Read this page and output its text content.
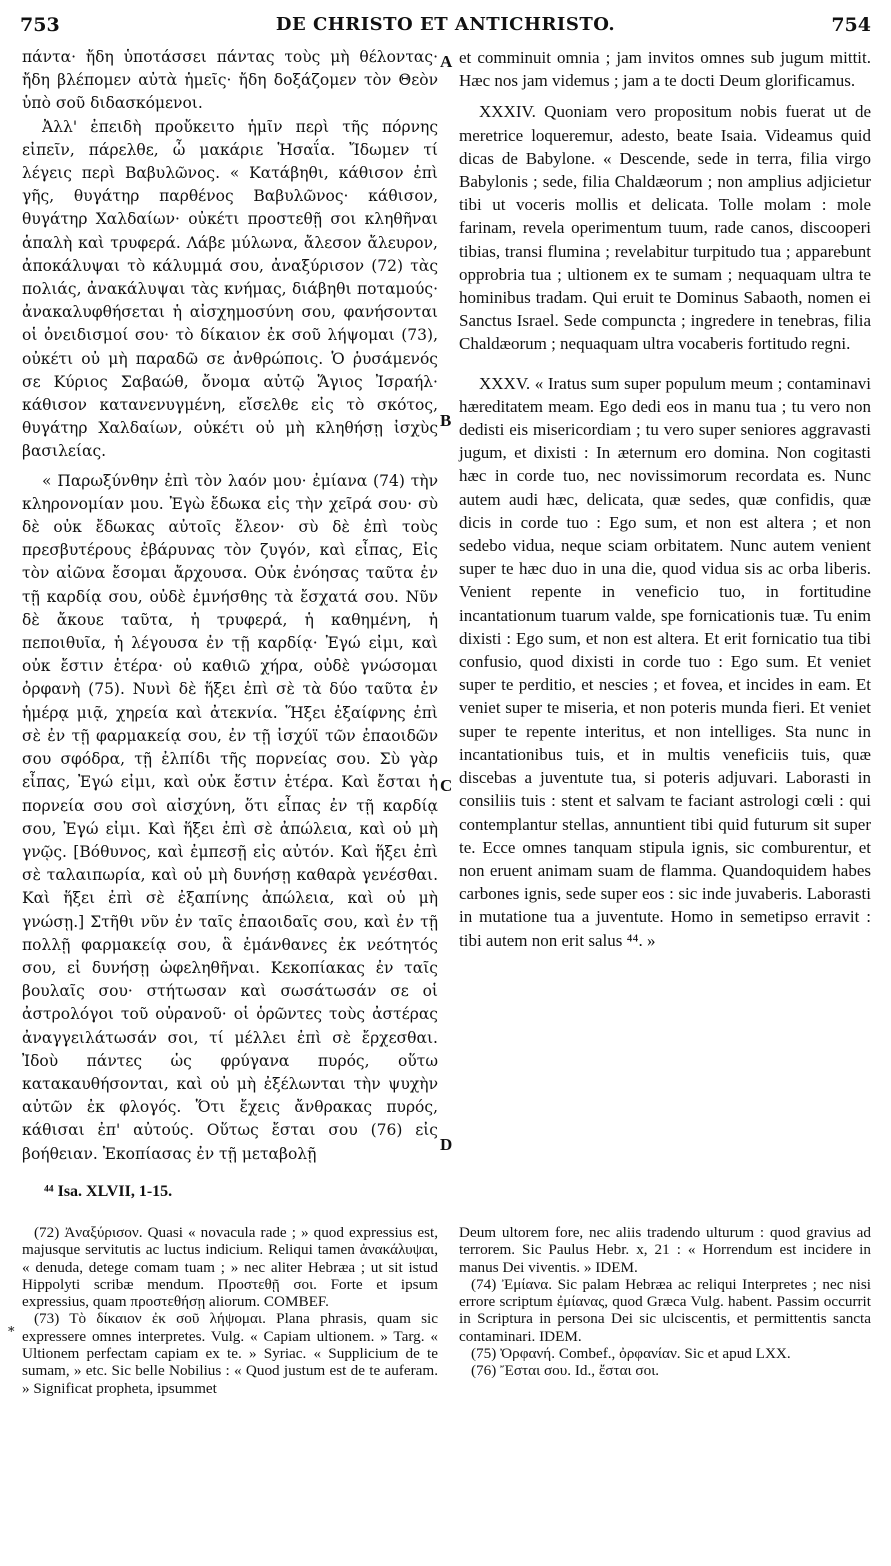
753	DE CHRISTO ET ANTICHRISTO.	754

πάντα· ἤδη ὑποτάσσει πάντας τοὺς μὴ θέλοντας· ἤδη βλέπομεν αὐτὰ ἡμεῖς· ἤδη δοξάζομεν τὸν Θεὸν ὑπὸ σοῦ διδασκόμενοι.

Ἀλλ' ἐπειδὴ προὔκειτο ἡμῖν περὶ τῆς πόρνης εἰπεῖν, πάρελθε, ὦ μακάριε Ἡσαΐα. Ἴδωμεν τί λέγεις περὶ Βαβυλῶνος. « Κατάβηθι, κάθισον ἐπὶ γῆς, θυγάτηρ παρθένος Βαβυλῶνος· κάθισον, θυγάτηρ Χαλδαίων· οὐκέτι προστεθῇ σοι κληθῆναι ἁπαλὴ καὶ τρυφερά. Λάβε μύλωνα, ἄλεσον ἄλευρον, ἀποκάλυψαι τὸ κάλυμμά σου, ἀναξύρισον (72) τὰς πολιάς, ἀνακάλυψαι τὰς κνήμας, διάβηθι ποταμούς· ἀνακαλυφθήσεται ἡ αἰσχημοσύνη σου, φανήσονται οἱ ὀνειδισμοί σου· τὸ δίκαιον ἐκ σοῦ λήψομαι (73), οὐκέτι οὐ μὴ παραδῶ σε ἀνθρώποις. Ὁ ῥυσάμενός σε Κύριος Σαβαώθ, ὄνομα αὐτῷ Ἅγιος Ἰσραήλ· κάθισον κατανενυγμένη, εἴσελθε εἰς τὸ σκότος, θυγάτηρ Χαλδαίων, οὐκέτι οὐ μὴ κληθήσῃ ἰσχὺς βασιλείας.

« Παρωξύνθην ἐπὶ τὸν λαόν μου· ἐμίανα (74) τὴν κληρονομίαν μου. Ἐγὼ ἔδωκα εἰς τὴν χεῖρά σου· σὺ δὲ οὐκ ἔδωκας αὐτοῖς ἔλεον· σὺ δὲ ἐπὶ τοὺς πρεσβυτέρους ἐβάρυνας τὸν ζυγόν, καὶ εἶπας, Εἰς τὸν αἰῶνα ἔσομαι ἄρχουσα. Οὐκ ἐνόησας ταῦτα ἐν τῇ καρδίᾳ σου, οὐδὲ ἐμνήσθης τὰ ἔσχατά σου. Νῦν δὲ ἄκουε ταῦτα, ἡ τρυφερά, ἡ καθημένη, ἡ πεποιθυῖα, ἡ λέγουσα ἐν τῇ καρδίᾳ· Ἐγώ εἰμι, καὶ οὐκ ἔστιν ἑτέρα· οὐ καθιῶ χήρα, οὐδὲ γνώσομαι ὀρφανὴ (75). Νυνὶ δὲ ἥξει ἐπὶ σὲ τὰ δύο ταῦτα ἐν ἡμέρᾳ μιᾷ, χηρεία καὶ ἀτεκνία. Ἥξει ἐξαίφνης ἐπὶ σὲ ἐν τῇ φαρμακείᾳ σου, ἐν τῇ ἰσχύϊ τῶν ἐπαοιδῶν σου σφόδρα, τῇ ἐλπίδι τῆς πορνείας σου. Σὺ γὰρ εἶπας, Ἐγώ εἰμι, καὶ οὐκ ἔστιν ἑτέρα. Καὶ ἔσται ἡ πορνεία σου σοὶ αἰσχύνη, ὅτι εἶπας ἐν τῇ καρδίᾳ σου, Ἐγώ εἰμι. Καὶ ἥξει ἐπὶ σὲ ἀπώλεια, καὶ οὐ μὴ γνῷς. [Βόθυνος, καὶ ἐμπεσῇ εἰς αὐτόν. Καὶ ἥξει ἐπὶ σὲ ταλαιπωρία, καὶ οὐ μὴ δυνήσῃ καθαρὰ γενέσθαι. Καὶ ἥξει ἐπὶ σὲ ἐξαπίνης ἀπώλεια, καὶ οὐ μὴ γνώσῃ.] Στῆθι νῦν ἐν ταῖς ἐπαοιδαῖς σου, καὶ ἐν τῇ πολλῇ φαρμακείᾳ σου, ἃ ἐμάνθανες ἐκ νεότητός σου, εἰ δυνήσῃ ὠφεληθῆναι. Κεκοπίακας ἐν ταῖς βουλαῖς σου· στήτωσαν καὶ σωσάτωσάν σε οἱ ἀστρολόγοι τοῦ οὐρανοῦ· οἱ ὁρῶντες τοὺς ἀστέρας ἀναγγειλάτωσάν σοι, τί μέλλει ἐπὶ σὲ ἔρχεσθαι. Ἰδοὺ πάντες ὡς φρύγανα πυρός, οὕτω κατακαυθήσονται, καὶ οὐ μὴ ἐξέλωνται τὴν ψυχὴν αὐτῶν ἐκ φλογός. Ὅτι ἔχεις ἄνθρακας πυρός, κάθισαι ἐπ' αὐτούς. Οὕτως ἔσται σου (76) εἰς βοήθειαν. Ἐκοπίασας ἐν τῇ μεταβολῇ

et comminuit omnia ; jam invitos omnes sub jugum mittit. Hæc nos jam videmus ; jam a te docti Deum glorificamus.

XXXIV. Quoniam vero propositum nobis fuerat ut de meretrice loqueremur, adesto, beate Isaia. Videamus quid dicas de Babylone. « Descende, sede in terra, filia virgo Babylonis ; sede, filia Chaldæorum ; non amplius adjicietur tibi ut voceris mollis et delicata. Tolle molam : mole farinam, revela operimentum tuum, rade canos, discooperi tibias, transi flumina ; revelabitur turpitudo tua ; apparebunt opprobria tua ; ultionem ex te sumam ; nequaquam ultra te hominibus tradam. Qui eruit te Dominus Sabaoth, nomen ei Sanctus Israel. Sede compuncta ; ingredere in tenebras, filia Chaldæorum ; nequaquam ultra vocaberis fortitudo regni.

XXXV. « Iratus sum super populum meum ; contaminavi hæreditatem meam. Ego dedi eos in manu tua ; tu vero non dedisti eis misericordiam ; tu vero super seniores aggravasti jugum, et dixisti : In æternum ero domina. Non cogitasti hæc in corde tuo, nec novissimorum recordata es. Nunc autem audi hæc, delicata, quæ sedes, quæ confidis, quæ dicis in corde tuo : Ego sum, et non est altera ; et non sedebo vidua, neque sciam orbitatem. Nunc autem venient super te hæc duo in una die, quod vidua sis ac orba liberis. Venient repente in veneficio tuo, in fortitudine incantationum tuarum valde, spe fornicationis tuæ. Tu enim dixisti : Ego sum, et non est altera. Et erit fornicatio tua tibi confusio, quod dixisti in corde tuo : Ego sum. Et veniet super te perditio, et nescies ; et fovea, et incides in eam. Et veniet super te miseria, et non poteris munda fieri. Et veniet super te repente interitus, et non intelliges. Sta nunc in incantationibus tuis, et in multis veneficiis tuis, quæ discebas a juventute tua, si poteris adjuvari. Laborasti in consiliis tuis : stent et salvam te faciant astrologi cœli : qui contemplantur stellas, annuntient tibi quid futurum sit super te. Ecce omnes tanquam stipula ignis, sic comburentur, et non eruent animam suam de flamma. Quandoquidem habes carbones ignis, sede super eos : sic inde juvaberis. Laborasti in mutatione tua a juventute. Homo in semetipso erravit : tibi autem non erit salus ⁴⁴. »

A
B
C
D
⁴⁴ Isa. XLVII, 1-15.
*

(72) Ἀναξύρισον. Quasi « novacula rade ; » quod expressius est, majusque servitutis ac luctus indicium. Reliqui tamen ἀνακάλυψαι, « denuda, detege comam tuam ; » nec aliter Hebræa ; ut sit istud Hippolyti scribæ mendum. Προστεθῇ σοι. Forte et ipsum expressius, quam προστεθήσῃ aliorum. COMBEF.

(73) Τὸ δίκαιον ἐκ σοῦ λήψομαι. Plana phrasis, quam sic expressere omnes interpretes. Vulg. « Capiam ultionem. » Targ. « Ultionem perfectam capiam ex te. » Syriac. « Supplicium de te sumam, » etc. Sic belle Nobilius : « Quod justum est de te auferam. » Significat propheta, ipsummet

Deum ultorem fore, nec aliis tradendo ulturum : quod gravius ad terrorem. Sic Paulus Hebr. x, 21 : « Horrendum est incidere in manus Dei viventis. » IDEM.

(74) Ἐμίανα. Sic palam Hebræa ac reliqui Interpretes ; nec nisi errore scriptum ἐμίανας, quod Græca Vulg. habent. Passim occurrit in Scriptura in persona Dei sic ulciscentis, et permittentis sancta contaminari. IDEM.

(75) Ὀρφανή. Combef., ὀρφανίαν. Sic et apud LXX.

(76) Ἔσται σου. Id., ἔσται σοι.
